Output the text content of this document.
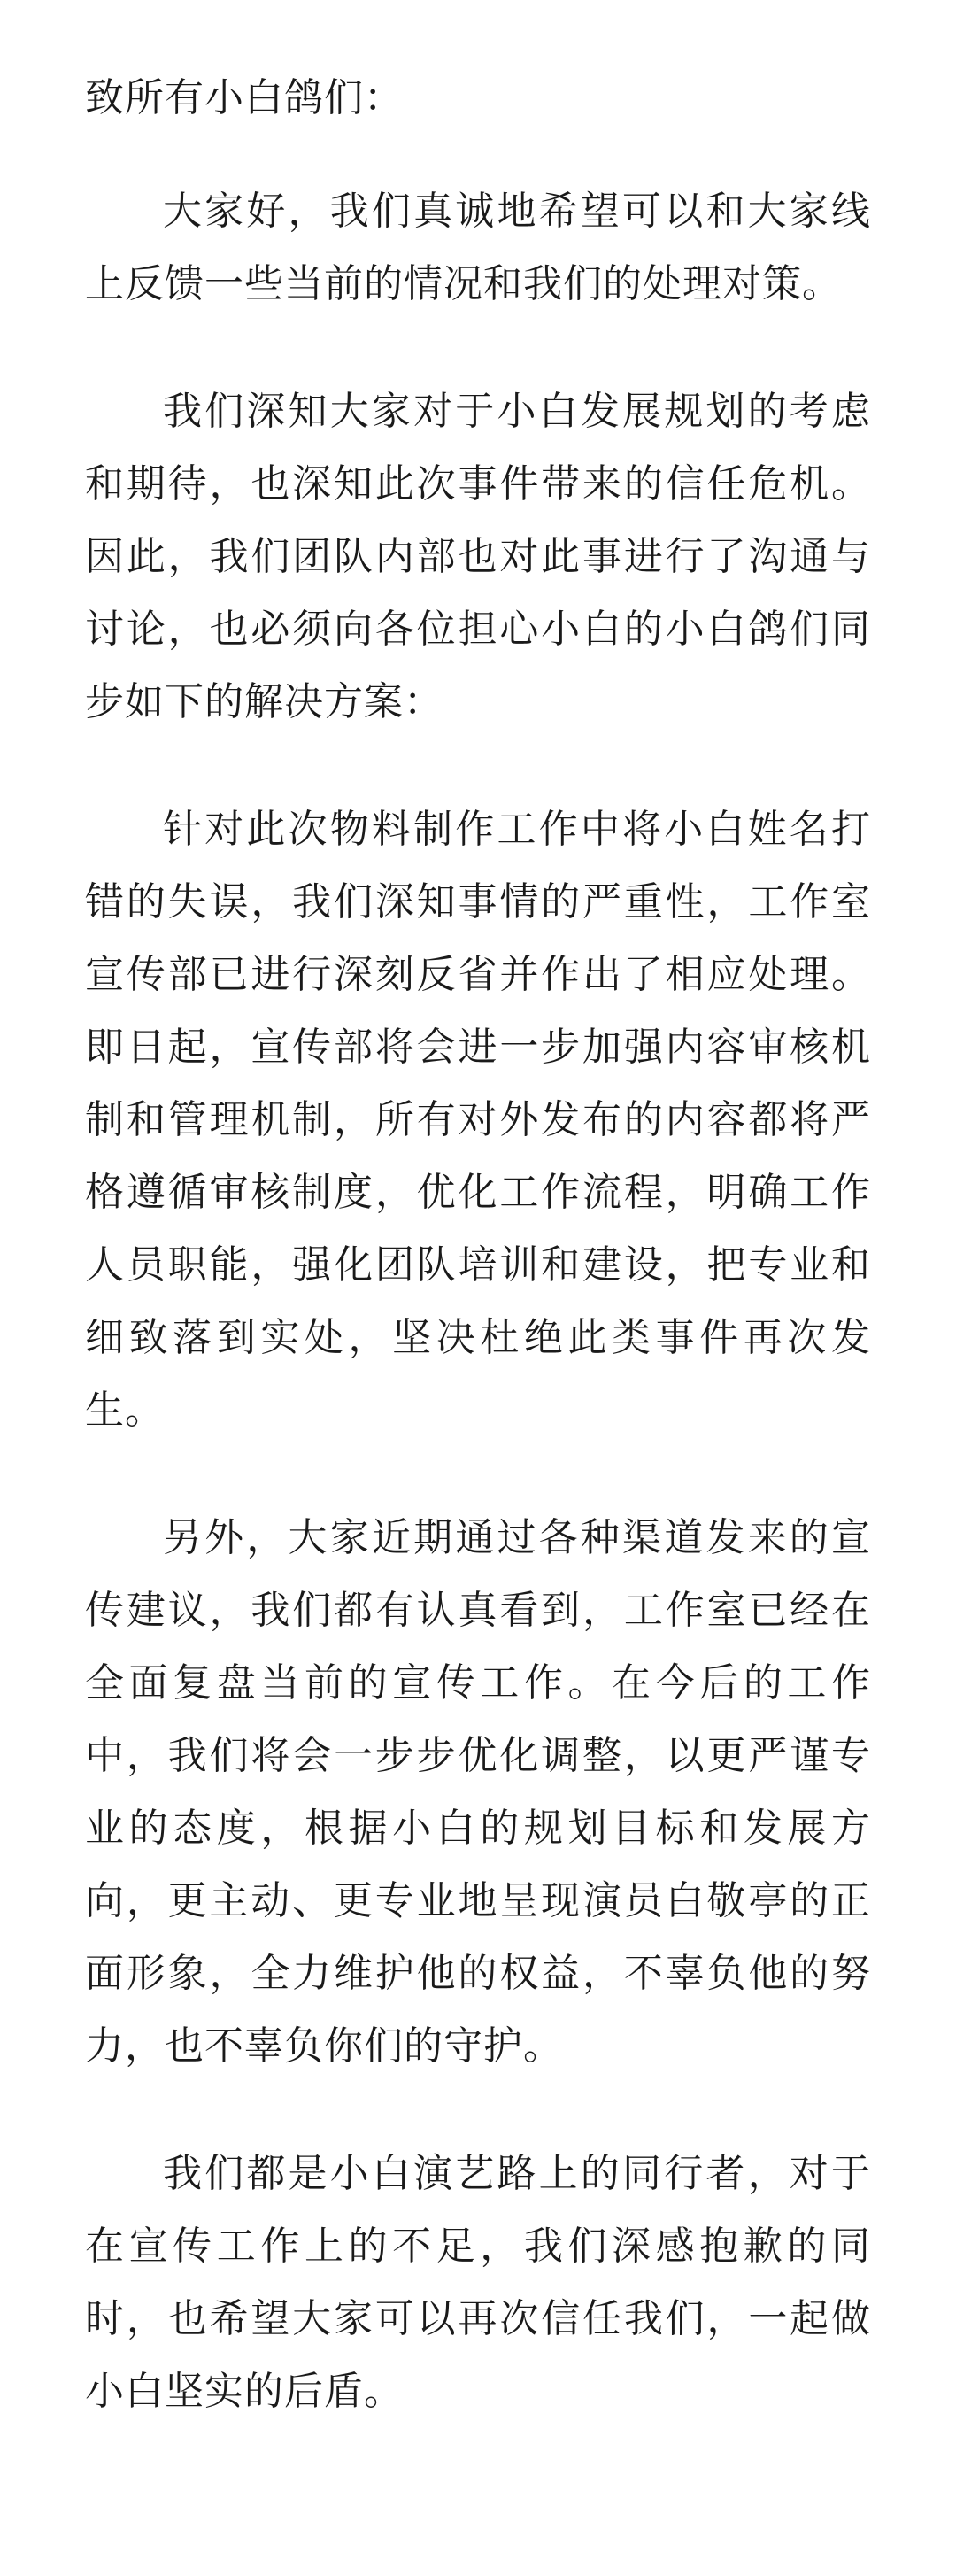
致所有小白鸽们：
大家好，我们真诚地希望可以和大家线上反馈一些当前的情况和我们的处理对策。
我们深知大家对于小白发展规划的考虑和期待，也深知此次事件带来的信任危机。因此，我们团队内部也对此事进行了沟通与讨论，也必须向各位担心小白的小白鸽们同步如下的解决方案：
针对此次物料制作工作中将小白姓名打错的失误，我们深知事情的严重性，工作室宣传部已进行深刻反省并作出了相应处理。即日起，宣传部将会进一步加强内容审核机制和管理机制，所有对外发布的内容都将严格遵循审核制度，优化工作流程，明确工作人员职能，强化团队培训和建设，把专业和细致落到实处，坚决杜绝此类事件再次发生。
另外，大家近期通过各种渠道发来的宣传建议，我们都有认真看到，工作室已经在全面复盘当前的宣传工作。在今后的工作中，我们将会一步步优化调整，以更严谨专业的态度，根据小白的规划目标和发展方向，更主动、更专业地呈现演员白敬亭的正面形象，全力维护他的权益，不辜负他的努力，也不辜负你们的守护。
我们都是小白演艺路上的同行者，对于在宣传工作上的不足，我们深感抱歉的同时，也希望大家可以再次信任我们，一起做小白坚实的后盾。
